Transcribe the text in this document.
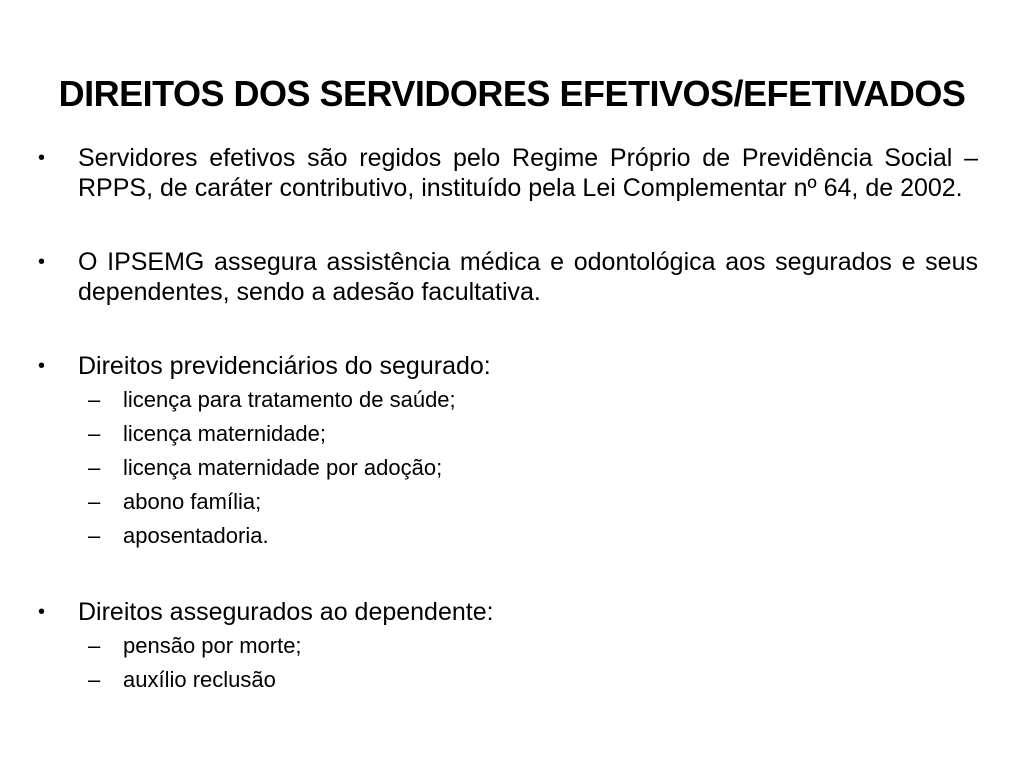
DIREITOS DOS SERVIDORES EFETIVOS/EFETIVADOS
•	Servidores efetivos são regidos pelo Regime Próprio de Previdência Social – RPPS, de caráter contributivo, instituído pela Lei Complementar nº 64, de 2002.
•	O IPSEMG assegura assistência médica e odontológica aos segurados e seus dependentes, sendo a adesão facultativa.
•	Direitos previdenciários do segurado:
–	licença para tratamento de saúde;
–	licença maternidade;
–	licença maternidade por adoção;
–	abono família;
–	aposentadoria.
•	Direitos assegurados ao dependente:
–	pensão por morte;
–	auxílio reclusão
